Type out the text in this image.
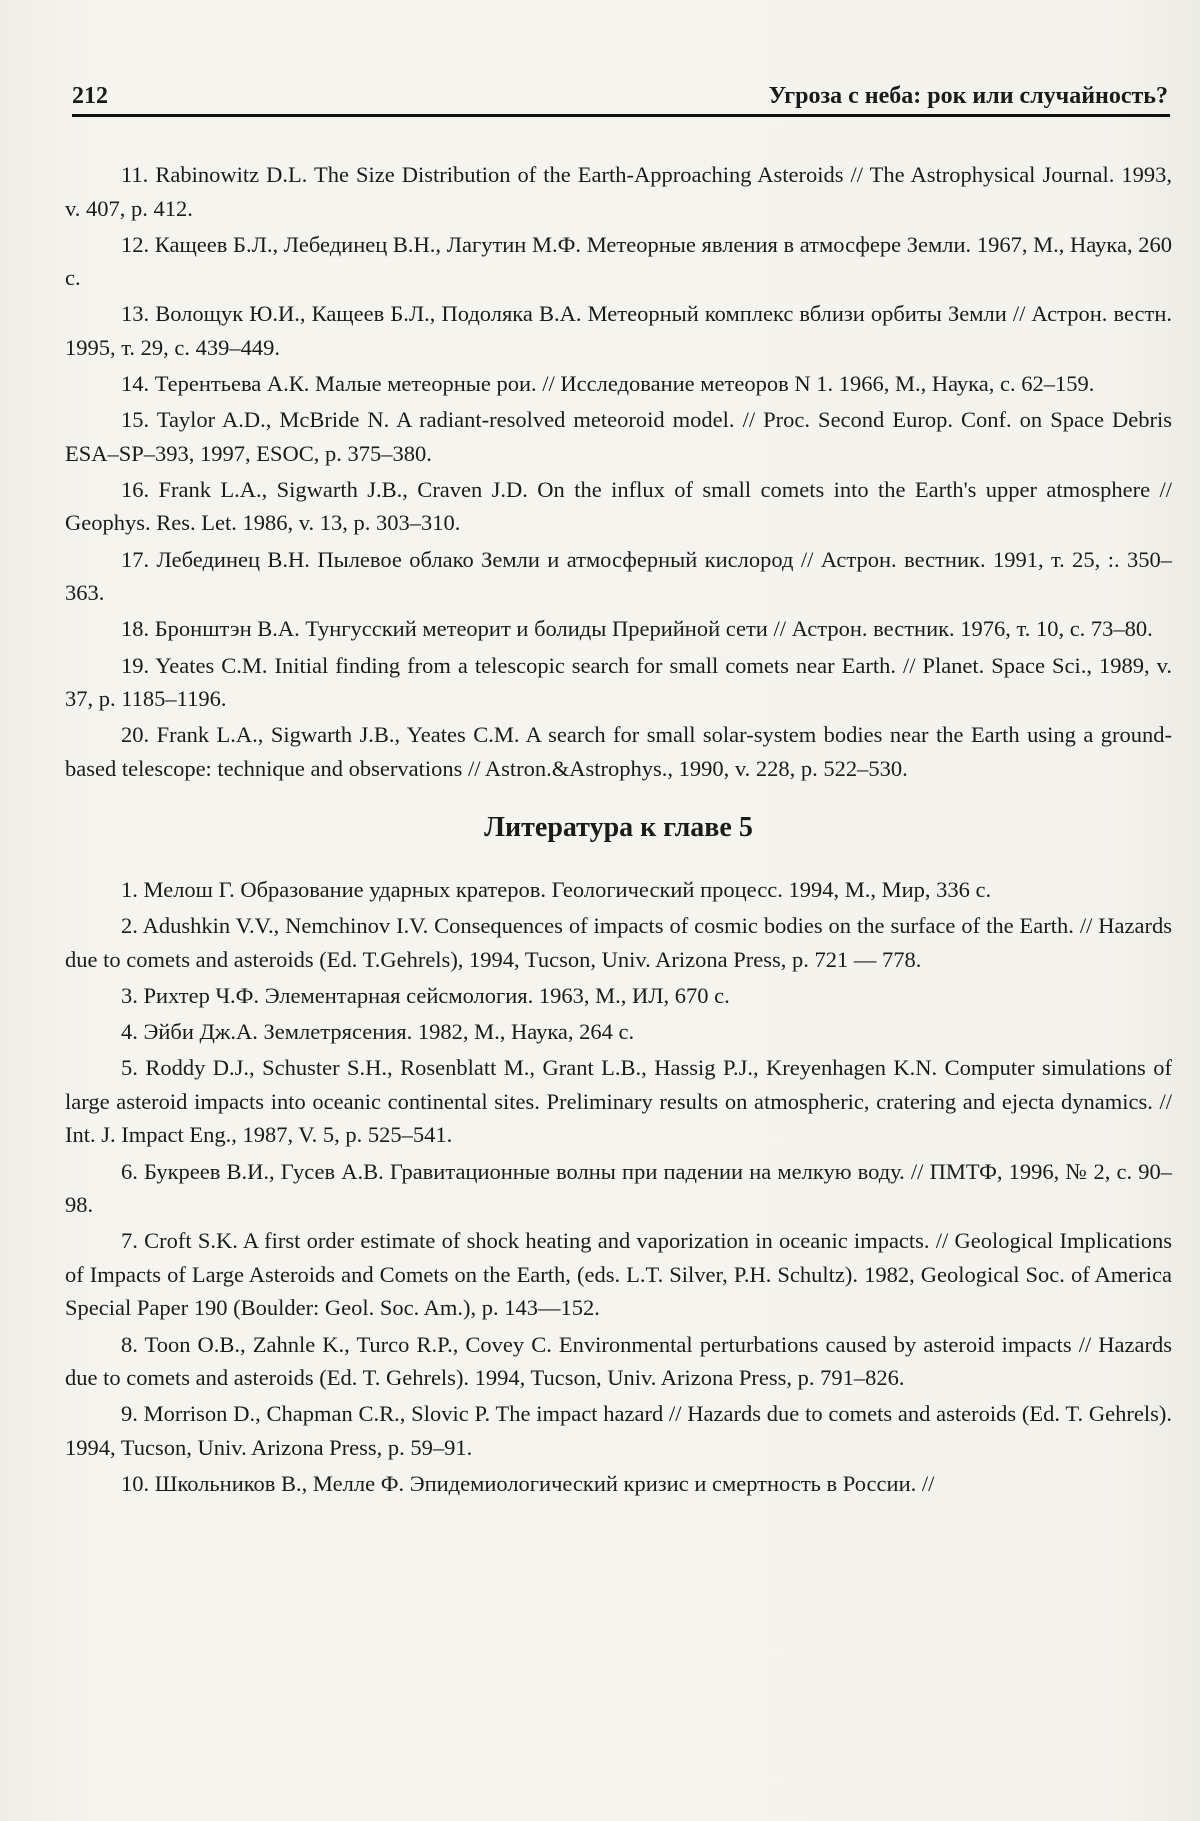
212	Угроза с неба: рок или случайность?

11. Rabinowitz D.L. The Size Distribution of the Earth-Approaching Asteroids // The Astrophysical Journal. 1993, v. 407, p. 412.

12. Кащеев Б.Л., Лебединец В.Н., Лагутин М.Ф. Метеорные явления в атмосфере Земли. 1967, М., Наука, 260 с.

13. Волощук Ю.И., Кащеев Б.Л., Подоляка В.А. Метеорный комплекс вблизи орбиты Земли // Астрон. вестн. 1995, т. 29, с. 439–449.

14. Терентьева А.К. Малые метеорные рои. // Исследование метеоров N 1. 1966, М., Наука, с. 62–159.

15. Taylor A.D., McBride N. A radiant-resolved meteoroid model. // Proc. Second Europ. Conf. on Space Debris ESA–SP–393, 1997, ESOC, p. 375–380.

16. Frank L.A., Sigwarth J.B., Craven J.D. On the influx of small comets into the Earth's upper atmosphere // Geophys. Res. Let. 1986, v. 13, p. 303–310.

17. Лебединец В.Н. Пылевое облако Земли и атмосферный кислород // Астрон. вестник. 1991, т. 25, :. 350–363.

18. Бронштэн В.А. Тунгусский метеорит и болиды Прерийной сети // Астрон. вестник. 1976, т. 10, с. 73–80.

19. Yeates C.M. Initial finding from a telescopic search for small comets near Earth. // Planet. Space Sci., 1989, v. 37, p. 1185–1196.

20. Frank L.A., Sigwarth J.B., Yeates C.M. A search for small solar-system bodies near the Earth using a ground-based telescope: technique and observations // Astron.&Astrophys., 1990, v. 228, p. 522–530.

Литература к главе 5

1. Мелош Г. Образование ударных кратеров. Геологический процесс. 1994, М., Мир, 336 с.

2. Adushkin V.V., Nemchinov I.V. Consequences of impacts of cosmic bodies on the surface of the Earth. // Hazards due to comets and asteroids (Ed. T.Gehrels), 1994, Tucson, Univ. Arizona Press, p. 721 — 778.

3. Рихтер Ч.Ф. Элементарная сейсмология. 1963, М., ИЛ, 670 с.

4. Эйби Дж.А. Землетрясения. 1982, М., Наука, 264 с.

5. Roddy D.J., Schuster S.H., Rosenblatt M., Grant L.B., Hassig P.J., Kreyenhagen K.N. Computer simulations of large asteroid impacts into oceanic continental sites. Preliminary results on atmospheric, cratering and ejecta dynamics. // Int. J. Impact Eng., 1987, V. 5, p. 525–541.

6. Букреев В.И., Гусев А.В. Гравитационные волны при падении на мелкую воду. // ПМТФ, 1996, № 2, с. 90–98.

7. Croft S.K. A first order estimate of shock heating and vaporization in oceanic impacts. // Geological Implications of Impacts of Large Asteroids and Comets on the Earth, (eds. L.T. Silver, P.H. Schultz). 1982, Geological Soc. of America Special Paper 190 (Boulder: Geol. Soc. Am.), p. 143—152.

8. Toon O.B., Zahnle K., Turco R.P., Covey C. Environmental perturbations caused by asteroid impacts // Hazards due to comets and asteroids (Ed. T. Gehrels). 1994, Tucson, Univ. Arizona Press, p. 791–826.

9. Morrison D., Chapman C.R., Slovic P. The impact hazard // Hazards due to comets and asteroids (Ed. T. Gehrels). 1994, Tucson, Univ. Arizona Press, p. 59–91.

10. Школьников В., Мелле Ф. Эпидемиологический кризис и смертность в России. //
